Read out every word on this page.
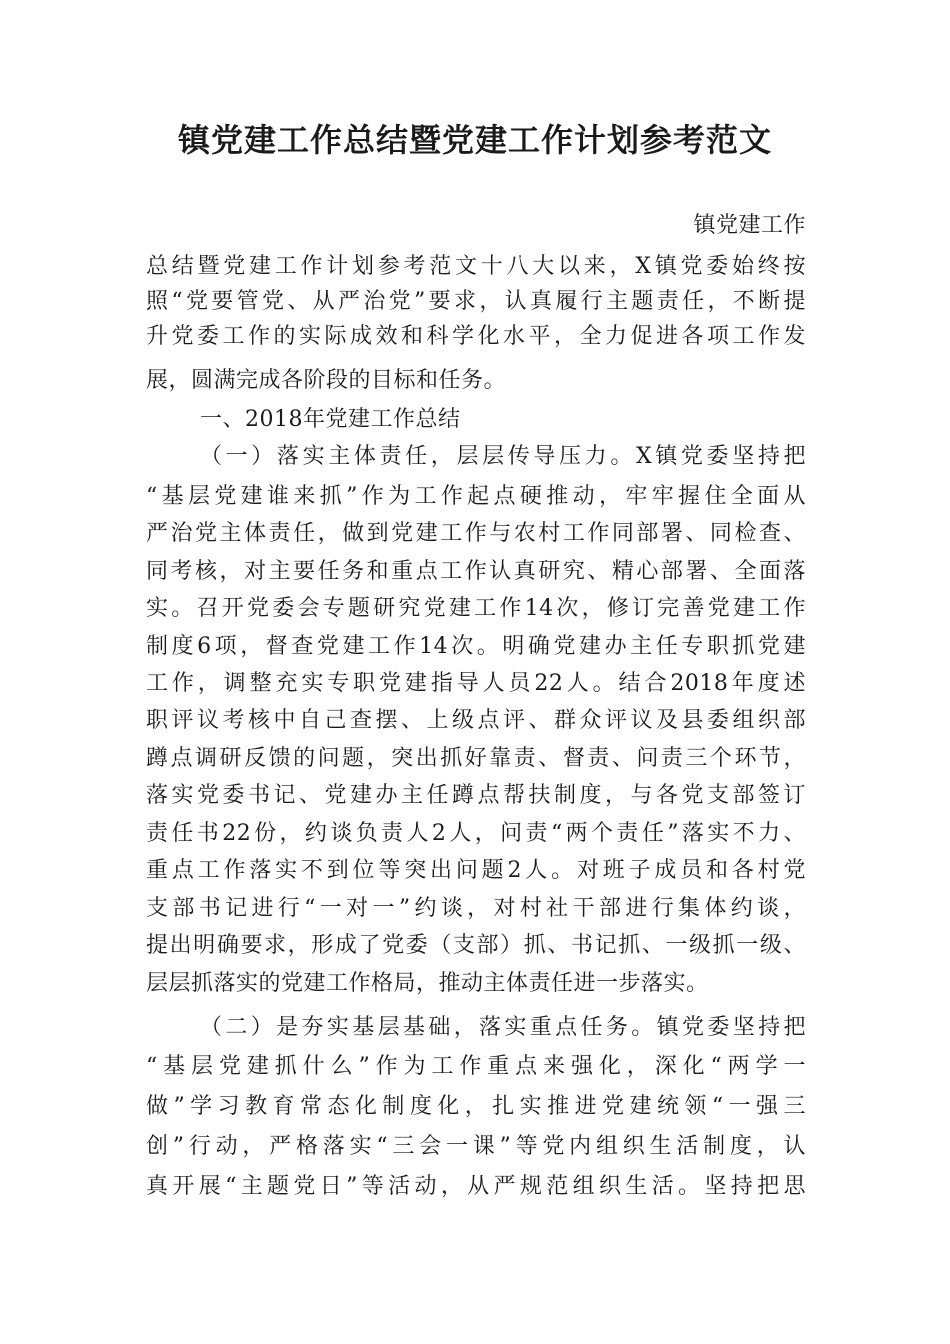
镇党建工作总结暨党建工作计划参考范文
镇党建工作
总结暨党建工作计划参考范文十八大以来，X镇党委始终按
照“党要管党、从严治党”要求，认真履行主题责任，不断提
升党委工作的实际成效和科学化水平，全力促进各项工作发
展，圆满完成各阶段的目标和任务。
一、2018年党建工作总结
（一）落实主体责任，层层传导压力。X镇党委坚持把
“基层党建谁来抓”作为工作起点硬推动，牢牢握住全面从
严治党主体责任，做到党建工作与农村工作同部署、同检查、
同考核，对主要任务和重点工作认真研究、精心部署、全面落
实。召开党委会专题研究党建工作14次，修订完善党建工作
制度6项，督查党建工作14次。明确党建办主任专职抓党建
工作，调整充实专职党建指导人员22人。结合2018年度述
职评议考核中自己查摆、上级点评、群众评议及县委组织部
蹲点调研反馈的问题，突出抓好靠责、督责、问责三个环节，
落实党委书记、党建办主任蹲点帮扶制度，与各党支部签订
责任书22份，约谈负责人2人，问责“两个责任”落实不力、
重点工作落实不到位等突出问题2人。对班子成员和各村党
支部书记进行“一对一”约谈，对村社干部进行集体约谈，
提出明确要求，形成了党委（支部）抓、书记抓、一级抓一级、
层层抓落实的党建工作格局，推动主体责任进一步落实。
（二）是夯实基层基础，落实重点任务。镇党委坚持把
“基层党建抓什么”作为工作重点来强化，深化“两学一
做”学习教育常态化制度化，扎实推进党建统领“一强三
创”行动，严格落实“三会一课”等党内组织生活制度，认
真开展“主题党日”等活动，从严规范组织生活。坚持把思
